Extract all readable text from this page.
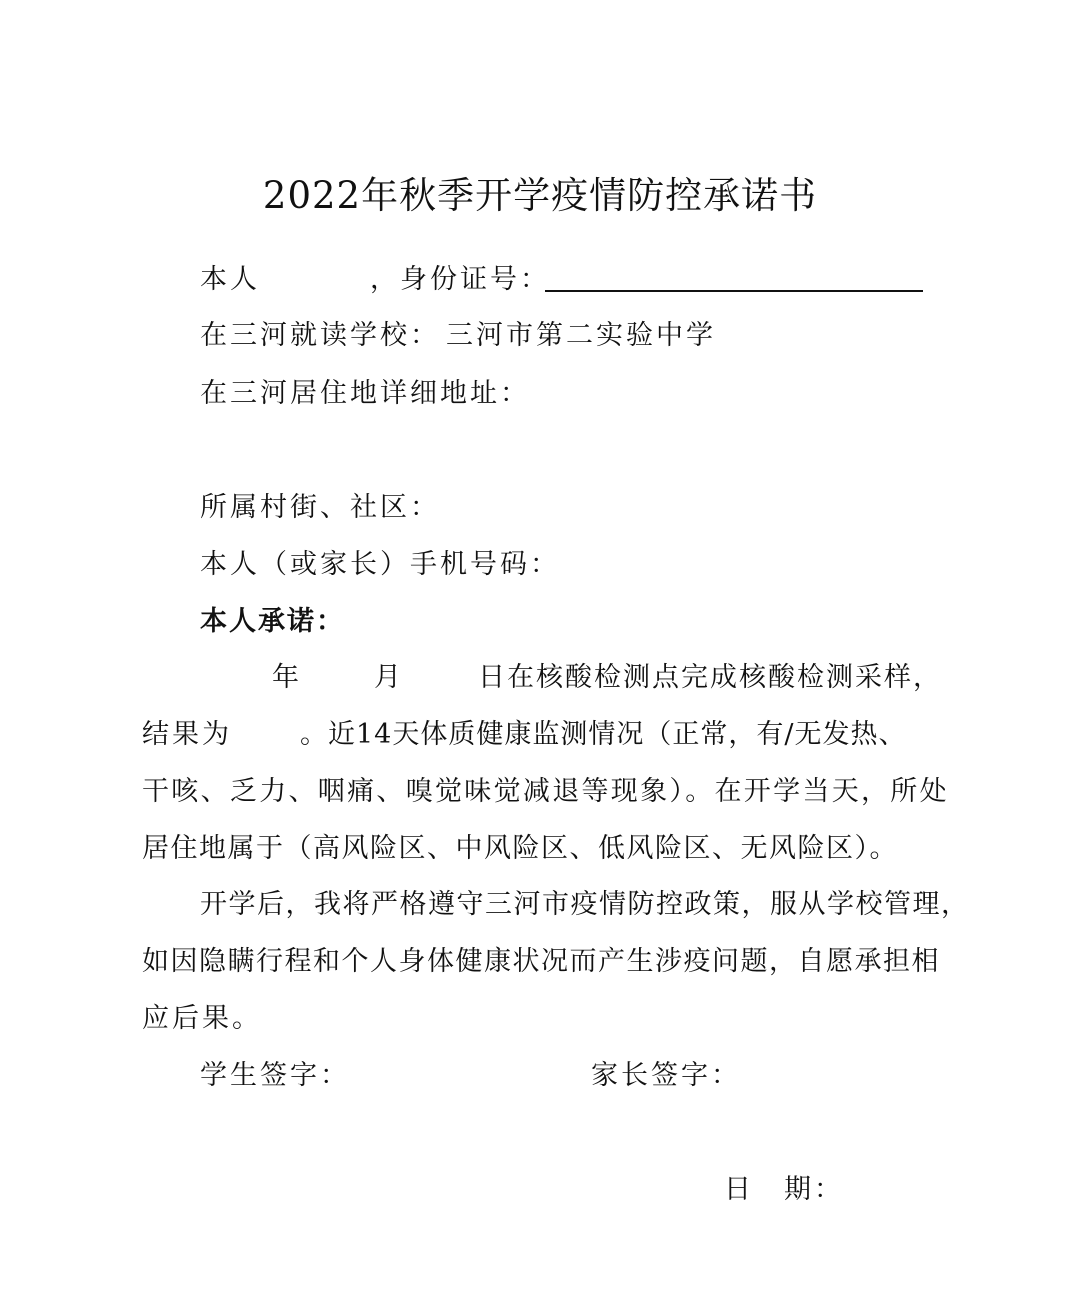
2022年秋季开学疫情防控承诺书
本人	，身份证号：
在三河就读学校： 三河市第二实验中学
在三河居住地详细地址：
所属村街、社区：
本人（或家长）手机号码：
本人承诺：
年	月	日在核酸检测点完成核酸检测采样，
结果为	。近14天体质健康监测情况（正常，有/无发热、
干咳、乏力、咽痛、嗅觉味觉减退等现象）。在开学当天，所处
居住地属于（高风险区、中风险区、低风险区、无风险区）。
开学后，我将严格遵守三河市疫情防控政策，服从学校管理，
如因隐瞒行程和个人身体健康状况而产生涉疫问题，自愿承担相
应后果。
学生签字：	家长签字：
日　期：
